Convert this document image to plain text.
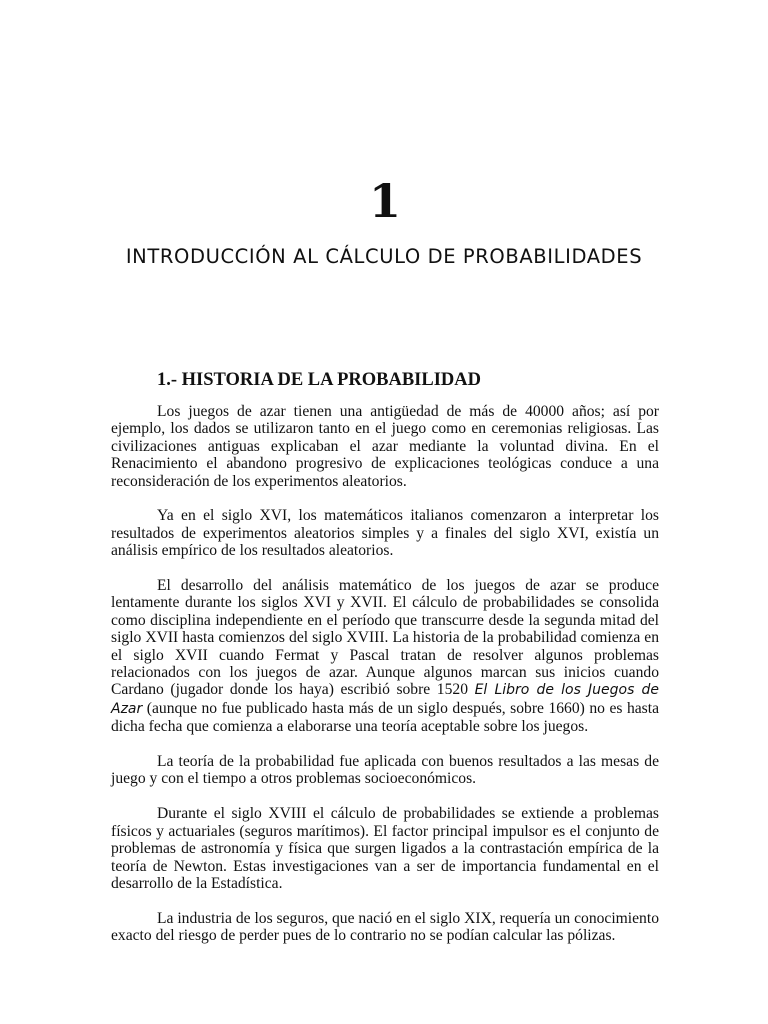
1
INTRODUCCIÓN AL CÁLCULO DE PROBABILIDADES
1.- HISTORIA DE LA PROBABILIDAD

Los juegos de azar tienen una antigüedad de más de 40000 años; así por ejemplo, los dados se utilizaron tanto en el juego como en ceremonias religiosas. Las civilizaciones antiguas explicaban el azar mediante la voluntad divina. En el Renacimiento el abandono progresivo de explicaciones teológicas conduce a una reconsideración de los experimentos aleatorios.

Ya en el siglo XVI, los matemáticos italianos comenzaron a interpretar los resultados de experimentos aleatorios simples y a finales del siglo XVI, existía un análisis empírico de los resultados aleatorios.

El desarrollo del análisis matemático de los juegos de azar se produce lentamente durante los siglos XVI y XVII. El cálculo de probabilidades se consolida como disciplina independiente en el período que transcurre desde la segunda mitad del siglo XVII hasta comienzos del siglo XVIII. La historia de la probabilidad comienza en el siglo XVII cuando Fermat y Pascal tratan de resolver algunos problemas relacionados con los juegos de azar. Aunque algunos marcan sus inicios cuando Cardano (jugador donde los haya) escribió sobre 1520 El Libro de los Juegos de Azar (aunque no fue publicado hasta más de un siglo después, sobre 1660) no es hasta dicha fecha que comienza a elaborarse una teoría aceptable sobre los juegos.

La teoría de la probabilidad fue aplicada con buenos resultados a las mesas de juego y con el tiempo a otros problemas socioeconómicos.

Durante el siglo XVIII el cálculo de probabilidades se extiende a problemas físicos y actuariales (seguros marítimos). El factor principal impulsor es el conjunto de problemas de astronomía y física que surgen ligados a la contrastación empírica de la teoría de Newton. Estas investigaciones van a ser de importancia fundamental en el desarrollo de la Estadística.

La industria de los seguros, que nació en el siglo XIX, requería un conocimiento exacto del riesgo de perder pues de lo contrario no se podían calcular las pólizas.
